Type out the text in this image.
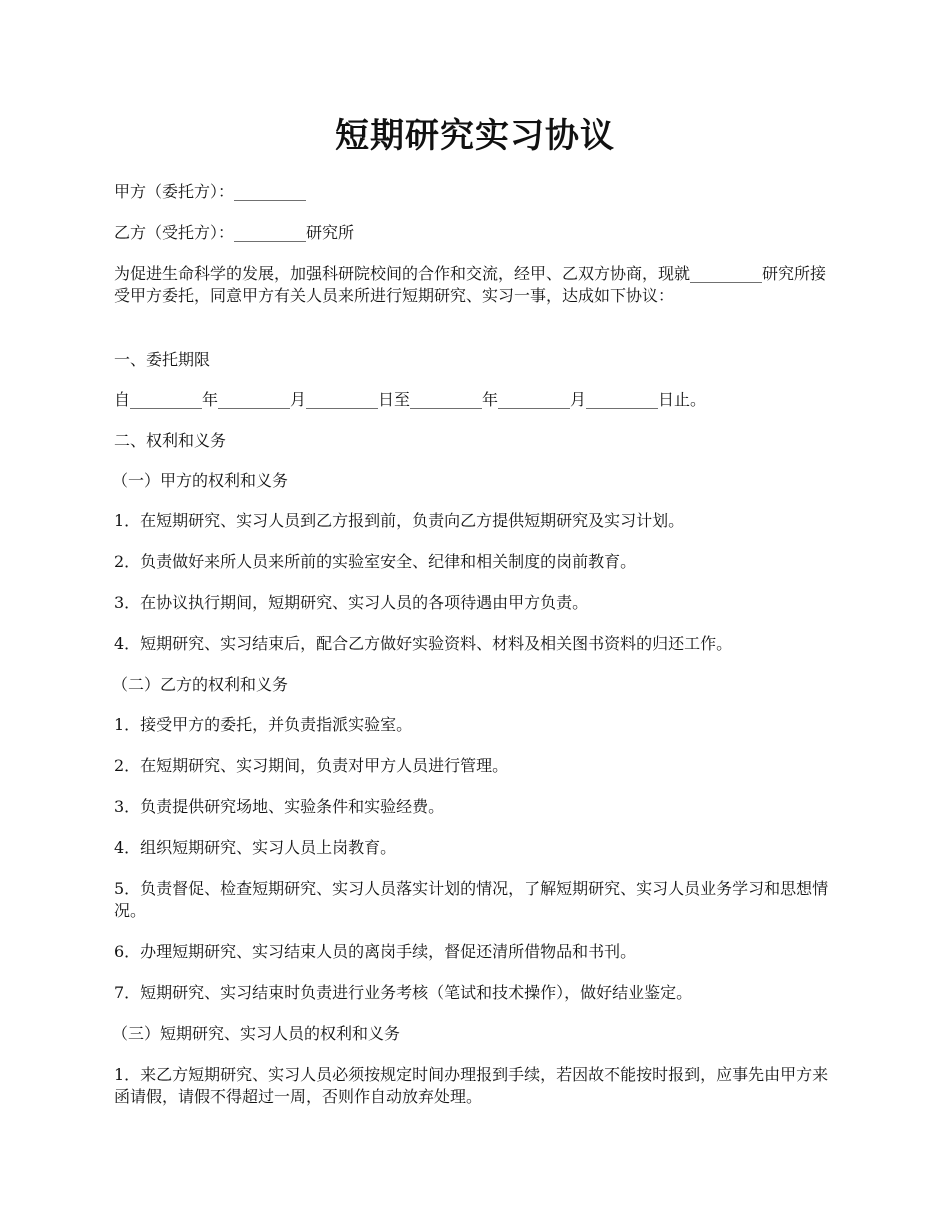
短期研究实习协议
甲方（委托方）：_________
乙方（受托方）：_________研究所
为促进生命科学的发展，加强科研院校间的合作和交流，经甲、乙双方协商，现就_________研究所接受甲方委托，同意甲方有关人员来所进行短期研究、实习一事，达成如下协议：
一、委托期限
自_________年_________月_________日至_________年_________月_________日止。
二、权利和义务
（一）甲方的权利和义务
1．在短期研究、实习人员到乙方报到前，负责向乙方提供短期研究及实习计划。
2．负责做好来所人员来所前的实验室安全、纪律和相关制度的岗前教育。
3．在协议执行期间，短期研究、实习人员的各项待遇由甲方负责。
4．短期研究、实习结束后，配合乙方做好实验资料、材料及相关图书资料的归还工作。
（二）乙方的权利和义务
1．接受甲方的委托，并负责指派实验室。
2．在短期研究、实习期间，负责对甲方人员进行管理。
3．负责提供研究场地、实验条件和实验经费。
4．组织短期研究、实习人员上岗教育。
5．负责督促、检查短期研究、实习人员落实计划的情况，了解短期研究、实习人员业务学习和思想情况。
6．办理短期研究、实习结束人员的离岗手续，督促还清所借物品和书刊。
7．短期研究、实习结束时负责进行业务考核（笔试和技术操作），做好结业鉴定。
（三）短期研究、实习人员的权利和义务
1．来乙方短期研究、实习人员必须按规定时间办理报到手续，若因故不能按时报到，应事先由甲方来函请假，请假不得超过一周，否则作自动放弃处理。
